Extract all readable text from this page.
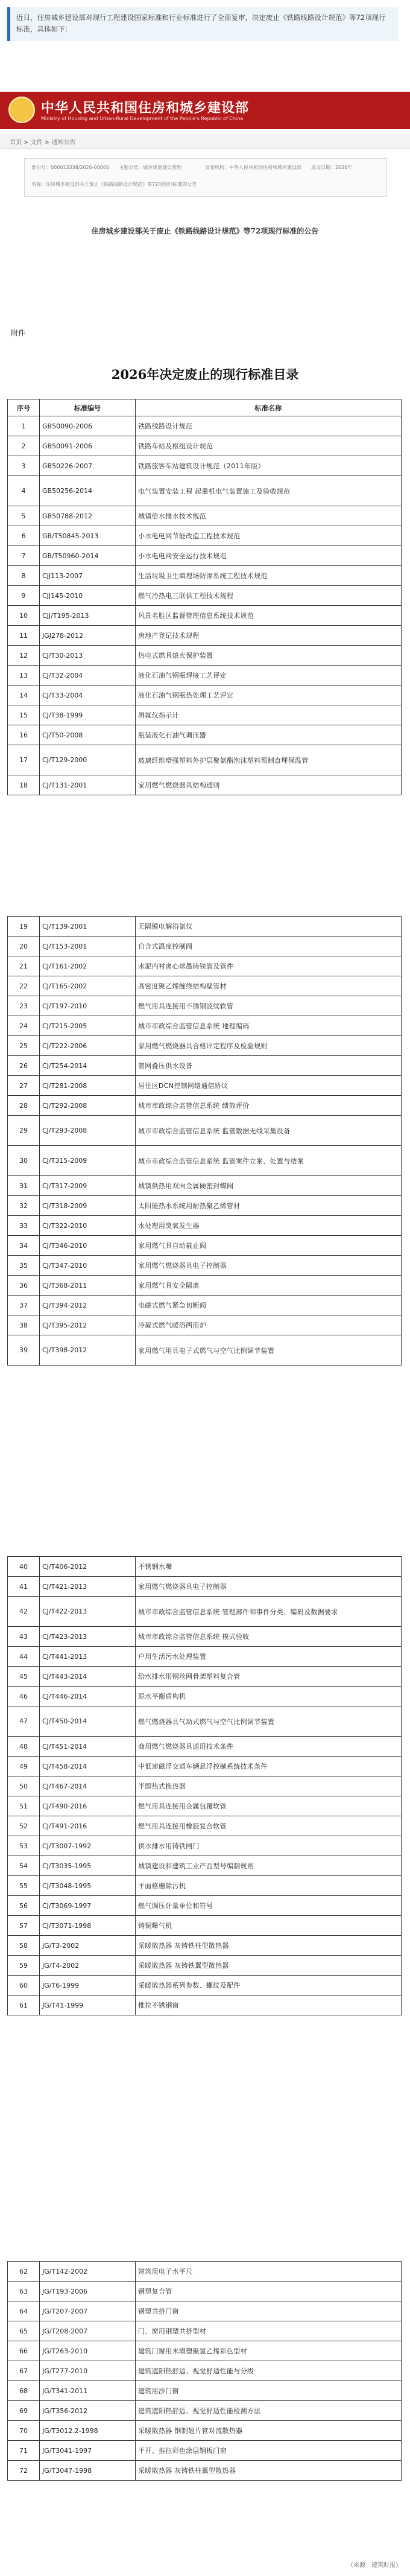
近日，住房城乡建设部对现行工程建设国家标准和行业标准进行了全面复审，决定废止《铁路线路设计规范》等72项现行标准，具体如下：
中华人民共和国住房和城乡建设部
Ministry of Housing and Urban-Rural Development of the People's Republic of China
首页 > 文件 > 通知公告
索引号：000013338/2026-00000　　主题分类：城乡规划建设管理	发布机构：中华人民共和国住房和城乡建设部　　成文日期：2026年
名称：住房城乡建设部关于废止《铁路线路设计规范》等72项现行标准的公告
住房城乡建设部关于废止《铁路线路设计规范》等72项现行标准的公告
附件
2026年决定废止的现行标准目录
序号	标准编号	标准名称
1	GB50090-2006	铁路线路设计规范
2	GB50091-2006	铁路车站及枢纽设计规范
3	GB50226-2007	铁路旅客车站建筑设计规范（2011年版）
4	GB50256-2014	电气装置安装工程 起重机电气装置施工及验收规范
5	GB50788-2012	城镇给水排水技术规范
6	GB/T50845-2013	小水电电网节能改造工程技术规范
7	GB/T50960-2014	小水电电网安全运行技术规范
8	CJJ113-2007	生活垃圾卫生填埋场防渗系统工程技术规范
9	CJJ145-2010	燃气冷热电三联供工程技术规程
10	CJJ/T195-2013	风景名胜区监督管理信息系统技术规范
11	JGJ278-2012	房地产登记技术规程
12	CJ/T30-2013	热电式燃具熄火保护装置
13	CJ/T32-2004	液化石油气钢瓶焊接工艺评定
14	CJ/T33-2004	液化石油气钢瓶热处理工艺评定
15	CJ/T38-1999	测氟仪指示计
16	CJ/T50-2008	瓶装液化石油气调压器
17	CJ/T129-2000	玻璃纤维增强塑料外护层聚氨酯泡沫塑料预制直埋保温管
18	CJ/T131-2001	家用燃气燃烧器具结构通则
19	CJ/T139-2001	无隔膜电解浴氯仪
20	CJ/T153-2001	自含式温度控制阀
21	CJ/T161-2002	水泥内衬离心球墨铸铁管及管件
22	CJ/T165-2002	高密度聚乙烯缠绕结构壁管材
23	CJ/T197-2010	燃气用具连接用不锈钢波纹软管
24	CJ/T215-2005	城市市政综合监管信息系统 地理编码
25	CJ/T222-2006	家用燃气燃烧器具合格评定程序及检验规则
26	CJ/T254-2014	管网叠压供水设备
27	CJ/T281-2008	居住区DCN控制网络通信协议
28	CJ/T292-2008	城市市政综合监管信息系统 绩效评价
29	CJ/T293-2008	城市市政综合监管信息系统 监管数据无线采集设备
30	CJ/T315-2009	城市市政综合监管信息系统 监管案件立案、处置与结案
31	CJ/T317-2009	城镇供热用双向金属硬密封蝶阀
32	CJ/T318-2009	太阳能热水系统用耐热聚乙烯管材
33	CJ/T322-2010	水处理用臭氧发生器
34	CJ/T346-2010	家用燃气具自动截止阀
35	CJ/T347-2010	家用燃气燃烧器具电子控制器
36	CJ/T368-2011	家用燃气具安全隔离
37	CJ/T394-2012	电磁式燃气紧急切断阀
38	CJ/T395-2012	冷凝式燃气暖浴两用炉
39	CJ/T398-2012	家用燃气用具电子式燃气与空气比例调节装置
40	CJ/T406-2012	不锈钢水嘴
41	CJ/T421-2013	家用燃气燃烧器具电子控制器
42	CJ/T422-2013	城市市政综合监管信息系统 管理部件和事件分类、编码及数据要求
43	CJ/T423-2013	城市市政综合监管信息系统 模式验收
44	CJ/T441-2013	户用生活污水处理装置
45	CJ/T443-2014	给水排水用钢丝网骨架塑料复合管
46	CJ/T446-2014	泥水平衡盾构机
47	CJ/T450-2014	燃气燃烧器具气动式燃气与空气比例调节装置
48	CJ/T451-2014	商用燃气燃烧器具通用技术条件
49	CJ/T458-2014	中低速磁浮交通车辆悬浮控制系统技术条件
50	CJ/T467-2014	半即热式换热器
51	CJ/T490-2016	燃气用具连接用金属包覆软管
52	CJ/T491-2016	燃气用具连接用橡胶复合软管
53	CJ/T3007-1992	供水排水用铸铁闸门
54	CJ/T3035-1995	城镇建设和建筑工业产品型号编制规则
55	CJ/T3048-1995	平面格栅除污机
56	CJ/T3069-1997	燃气调压计量单位和符号
57	CJ/T3071-1998	铸铜曝气机
58	JG/T3-2002	采暖散热器 灰铸铁柱型散热器
59	JG/T4-2002	采暖散热器 灰铸铁翼型散热器
60	JG/T6-1999	采暖散热器系列参数、螺纹及配件
61	JG/T41-1999	推拉不锈钢窗
62	JG/T142-2002	建筑用电子水平尺
63	JG/T193-2006	钢塑复合管
64	JG/T207-2007	钢塑共挤门窗
65	JG/T208-2007	门、窗用钢塑共挤型材
66	JG/T263-2010	建筑门窗用未增塑聚氯乙烯彩色型材
67	JG/T277-2010	建筑遮阳热舒适、视觉舒适性能与分级
68	JG/T341-2011	建筑用沙门窗
69	JG/T356-2012	建筑遮阳热舒适、视觉舒适性能检测方法
70	JG/T3012.2-1998	采暖散热器 钢制翅片管对流散热器
71	JG/T3041-1997	平开、推拉彩色涂层钢板门窗
72	JG/T3047-1998	采暖散热器 灰铸铁柱翼型散热器
（来源：建筑时报）
